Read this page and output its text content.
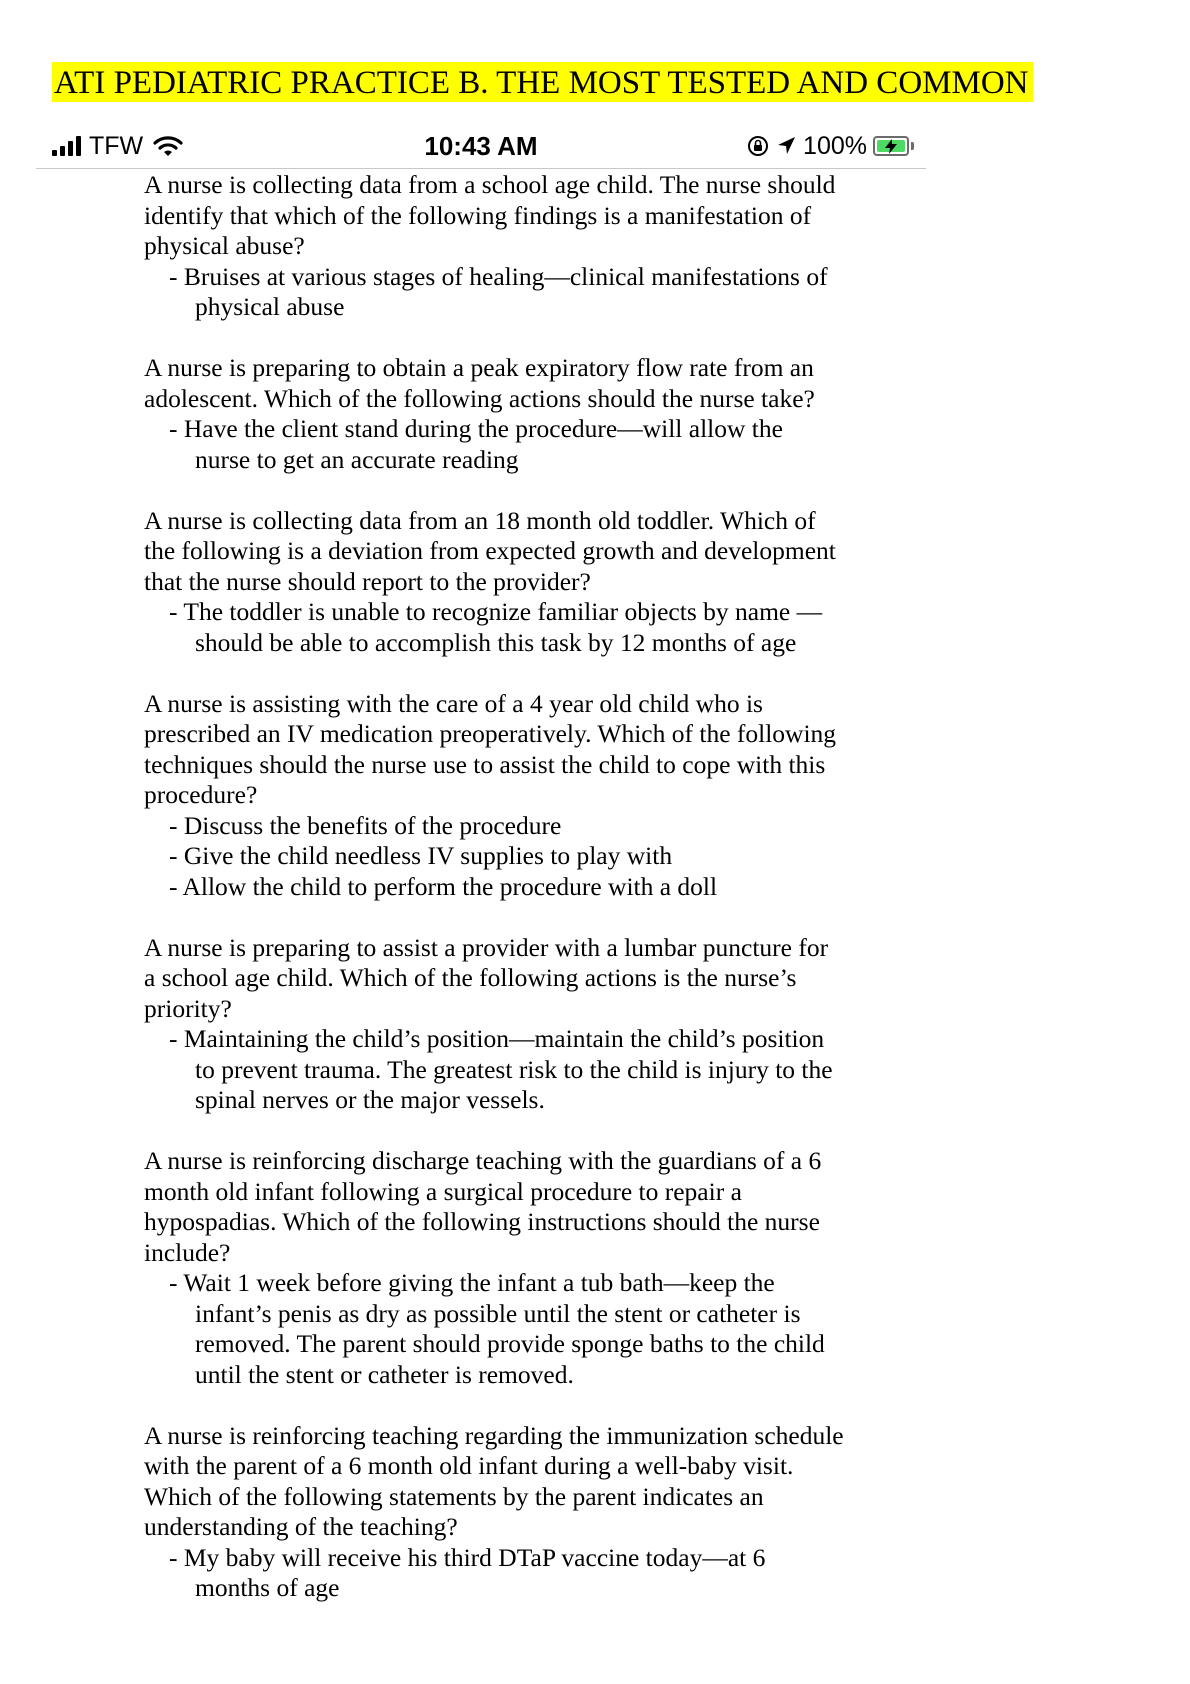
ATI PEDIATRIC PRACTICE B. THE MOST TESTED AND COMMON
TFW	10:43 AM	100%

A nurse is collecting data from a school age child. The nurse should identify that which of the following findings is a manifestation of physical abuse?

- Bruises at various stages of healing—clinical manifestations of physical abuse

A nurse is preparing to obtain a peak expiratory flow rate from an adolescent. Which of the following actions should the nurse take?

- Have the client stand during the procedure—will allow the nurse to get an accurate reading

A nurse is collecting data from an 18 month old toddler. Which of the following is a deviation from expected growth and development that the nurse should report to the provider?

- The toddler is unable to recognize familiar objects by name —should be able to accomplish this task by 12 months of age

A nurse is assisting with the care of a 4 year old child who is prescribed an IV medication preoperatively. Which of the following techniques should the nurse use to assist the child to cope with this procedure?

- Discuss the benefits of the procedure
- Give the child needless IV supplies to play with
- Allow the child to perform the procedure with a doll

A nurse is preparing to assist a provider with a lumbar puncture for a school age child. Which of the following actions is the nurse’s priority?

- Maintaining the child’s position—maintain the child’s position to prevent trauma. The greatest risk to the child is injury to the spinal nerves or the major vessels.

A nurse is reinforcing discharge teaching with the guardians of a 6 month old infant following a surgical procedure to repair a hypospadias. Which of the following instructions should the nurse include?

- Wait 1 week before giving the infant a tub bath—keep the infant’s penis as dry as possible until the stent or catheter is removed. The parent should provide sponge baths to the child until the stent or catheter is removed.

A nurse is reinforcing teaching regarding the immunization schedule with the parent of a 6 month old infant during a well-baby visit. Which of the following statements by the parent indicates an understanding of the teaching?

- My baby will receive his third DTaP vaccine today—at 6 months of age
